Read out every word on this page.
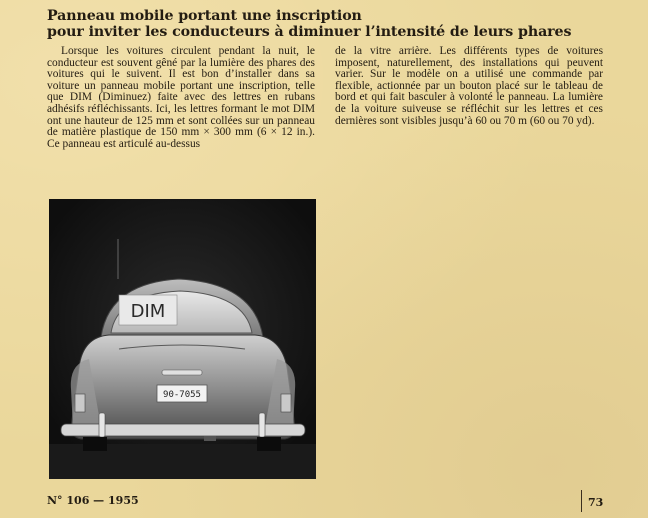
Panneau mobile portant une inscription
pour inviter les conducteurs à diminuer l’intensité de leurs phares

Lorsque les voitures circulent pendant la nuit, le conducteur est souvent gêné par la lumière des phares des voitures qui le suivent. Il est bon d’installer dans sa voiture un panneau mobile portant une inscription, telle que DIM (Diminuez) faite avec des lettres en rubans adhésifs réfléchissants. Ici, les lettres formant le mot DIM ont une hauteur de 125 mm et sont collées sur un panneau de matière plastique de 150 mm × 300 mm (6 × 12 in.). Ce panneau est articulé au-dessus

de la vitre arrière. Les différents types de voitures imposent, naturellement, des installations qui peuvent varier. Sur le modèle on a utilisé une commande par flexible, actionnée par un bouton placé sur le tableau de bord et qui fait basculer à volonté le panneau. La lumière de la voiture suiveuse se réfléchit sur les lettres et ces dernières sont visibles jusqu’à 60 ou 70 m (60 ou 70 yd).

DIM
90-7055
N° 106 — 1955	73
